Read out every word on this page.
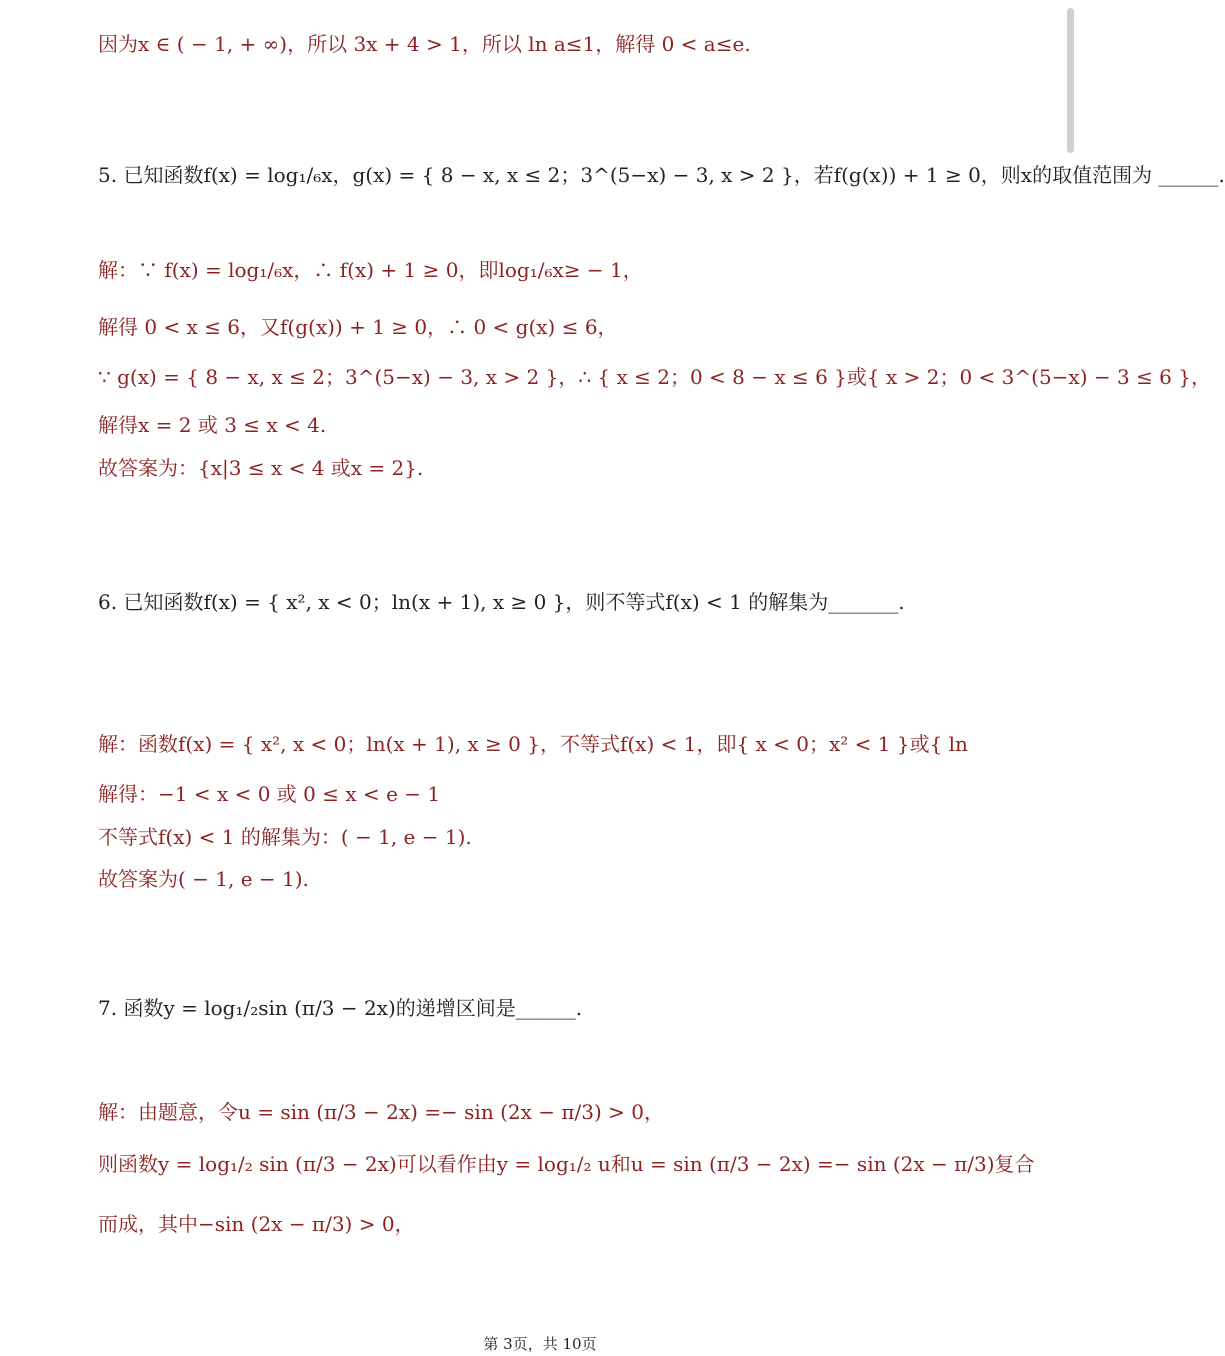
因为x ∈ ( − 1, + ∞)，所以 3x + 4 > 1，所以 ln a≤1，解得 0 < a≤e.
5. 已知函数f(x) = log₁/₆x，g(x) = { 8 − x, x ≤ 2；3^(5−x) − 3, x > 2 }，若f(g(x)) + 1 ≥ 0，则x的取值范围为 ______.
解：∵ f(x) = log₁/₆x，∴ f(x) + 1 ≥ 0，即log₁/₆x≥ − 1，
解得 0 < x ≤ 6，又f(g(x)) + 1 ≥ 0，∴ 0 < g(x) ≤ 6，
∵ g(x) = { 8 − x, x ≤ 2；3^(5−x) − 3, x > 2 }，∴ { x ≤ 2；0 < 8 − x ≤ 6 }或{ x > 2；0 < 3^(5−x) − 3 ≤ 6 }，
解得x = 2 或 3 ≤ x < 4.
故答案为：{x|3 ≤ x < 4 或x = 2}.
6. 已知函数f(x) = { x², x < 0；ln(x + 1), x ≥ 0 }，则不等式f(x) < 1 的解集为_______.
解：函数f(x) = { x², x < 0；ln(x + 1), x ≥ 0 }，不等式f(x) < 1，即{ x < 0；x² < 1 }或{ ln
解得：−1 < x < 0 或 0 ≤ x < e − 1
不等式f(x) < 1 的解集为：( − 1, e − 1).
故答案为( − 1, e − 1).
7. 函数y = log₁/₂sin (π/3 − 2x)的递增区间是______.
解：由题意，令u = sin (π/3 − 2x) =− sin (2x − π/3) > 0，
则函数y = log₁/₂ sin (π/3 − 2x)可以看作由y = log₁/₂ u和u = sin (π/3 − 2x) =− sin (2x − π/3)复合
而成，其中−sin (2x − π/3) > 0，
第 3页，共 10页
